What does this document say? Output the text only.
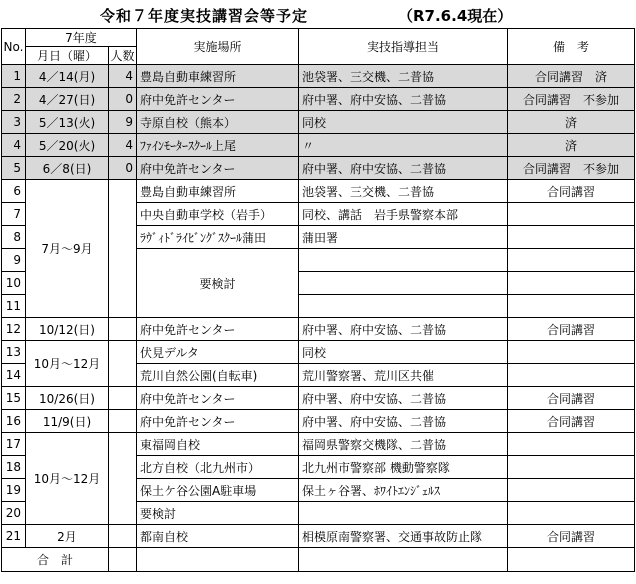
令和７年度実技講習会等予定	（R7.6.4現在）
No.	7年度		実施場所	実技指導担当	備　考
	月日（曜）	人数			
1	4／14(月)	4	豊島自動車練習所	池袋署、三交機、二普協	合同講習　済
2	4／27(日)	0	府中免許センター	府中署、府中安協、二普協	合同講習　不参加
3	5／13(火)	9	寺原自校（熊本）	同校	済
4	5／20(火)	4	ﾌｧｲﾝﾓｰﾀｰｽｸｰﾙ上尾	〃	済
5	6／8(日)	0	府中免許センター	府中署、府中安協、二普協	合同講習　不参加
6	7月～9月		豊島自動車練習所	池袋署、三交機、二普協	合同講習
7			中央自動車学校（岩手）	同校、講話　岩手県警察本部	
8			ﾗｳﾞｨﾄﾞﾗｲﾋﾞﾝｸﾞｽｸｰﾙ蒲田	蒲田署	
9			要検討		
10					
11					
12	10/12(日)		府中免許センター	府中署、府中安協、二普協	合同講習
13	10月～12月		伏見デルタ	同校	
14			荒川自然公園(自転車)	荒川警察署、荒川区共催	
15	10/26(日)		府中免許センター	府中署、府中安協、二普協	合同講習
16	11/9(日)		府中免許センター	府中署、府中安協、二普協	合同講習
17	10月～12月		東福岡自校	福岡県警察交機隊、二普協	
18			北方自校（北九州市）	北九州市警察部 機動警察隊	
19			保土ケ谷公園A駐車場	保土ヶ谷署、ﾎﾜｲﾄｴﾝｼﾞｪﾙｽ	
20			要検討		
21	2月		都南自校	相模原南警察署、交通事故防止隊	合同講習
合　計					
